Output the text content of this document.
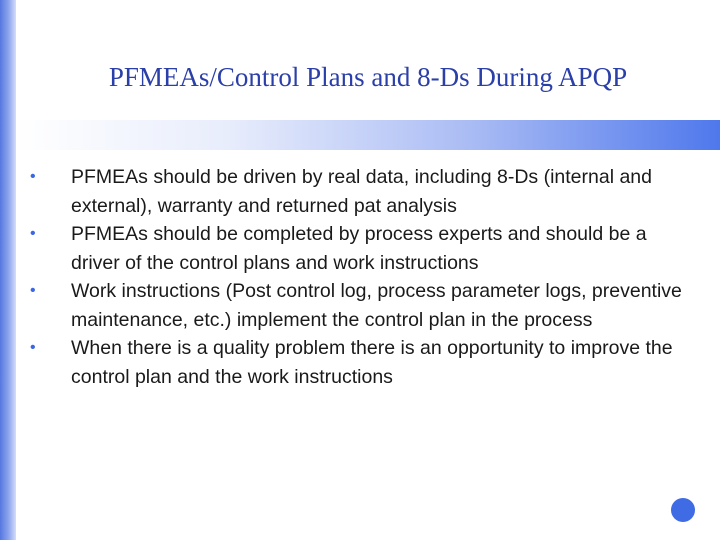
PFMEAs/Control Plans and 8-Ds During APQP
• PFMEAs should be driven by real data, including 8-Ds (internal and external), warranty and returned pat analysis
• PFMEAs should be completed by process experts and should be a driver of the control plans and work instructions
• Work instructions (Post control log, process parameter logs, preventive maintenance, etc.) implement the control plan in the process
• When there is a quality problem there is an opportunity to improve the control plan and the work instructions
